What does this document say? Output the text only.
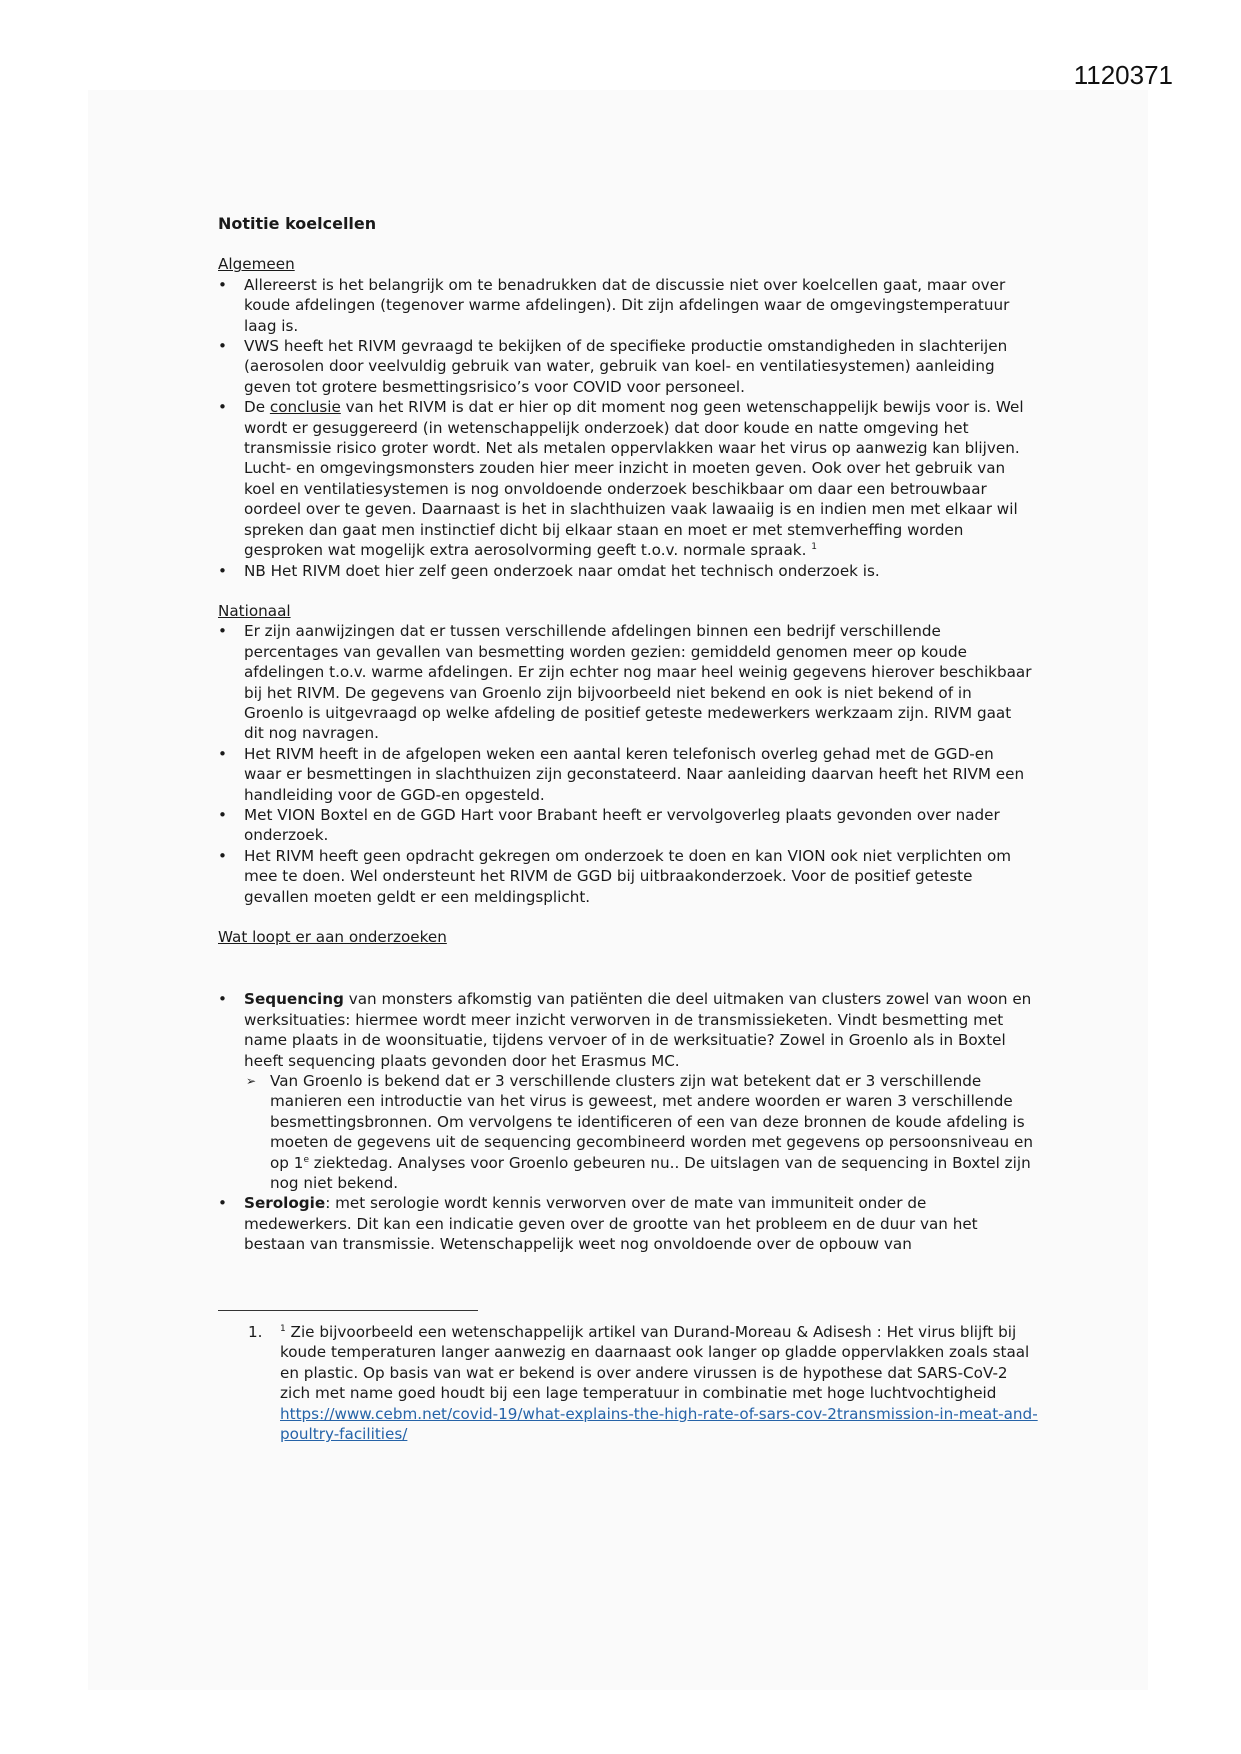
1120371
Notitie koelcellen
Algemeen
• Allereerst is het belangrijk om te benadrukken dat de discussie niet over koelcellen gaat, maar over koude afdelingen (tegenover warme afdelingen). Dit zijn afdelingen waar de omgevingstemperatuur laag is.
• VWS heeft het RIVM gevraagd te bekijken of de specifieke productie omstandigheden in slachterijen (aerosolen door veelvuldig gebruik van water, gebruik van koel- en ventilatiesystemen) aanleiding geven tot grotere besmettingsrisico’s voor COVID voor personeel.
• De conclusie van het RIVM is dat er hier op dit moment nog geen wetenschappelijk bewijs voor is. Wel wordt er gesuggereerd (in wetenschappelijk onderzoek) dat door koude en natte omgeving het transmissie risico groter wordt. Net als metalen oppervlakken waar het virus op aanwezig kan blijven. Lucht- en omgevingsmonsters zouden hier meer inzicht in moeten geven. Ook over het gebruik van koel en ventilatiesystemen is nog onvoldoende onderzoek beschikbaar om daar een betrouwbaar oordeel over te geven. Daarnaast is het in slachthuizen vaak lawaaiig is en indien men met elkaar wil spreken dan gaat men instinctief dicht bij elkaar staan en moet er met stemverheffing worden gesproken wat mogelijk extra aerosolvorming geeft t.o.v. normale spraak. $^1$
• NB Het RIVM doet hier zelf geen onderzoek naar omdat het technisch onderzoek is.
Nationaal
• Er zijn aanwijzingen dat er tussen verschillende afdelingen binnen een bedrijf verschillende percentages van gevallen van besmetting worden gezien: gemiddeld genomen meer op koude afdelingen t.o.v. warme afdelingen. Er zijn echter nog maar heel weinig gegevens hierover beschikbaar bij het RIVM. De gegevens van Groenlo zijn bijvoorbeeld niet bekend en ook is niet bekend of in Groenlo is uitgevraagd op welke afdeling de positief geteste medewerkers werkzaam zijn. RIVM gaat dit nog navragen.
• Het RIVM heeft in de afgelopen weken een aantal keren telefonisch overleg gehad met de GGD-en waar er besmettingen in slachthuizen zijn geconstateerd. Naar aanleiding daarvan heeft het RIVM een handleiding voor de GGD-en opgesteld.
• Met VION Boxtel en de GGD Hart voor Brabant heeft er vervolgoverleg plaats gevonden over nader onderzoek.
• Het RIVM heeft geen opdracht gekregen om onderzoek te doen en kan VION ook niet verplichten om mee te doen. Wel ondersteunt het RIVM de GGD bij uitbraakonderzoek. Voor de positief geteste gevallen moeten geldt er een meldingsplicht.
Wat loopt er aan onderzoeken
• Sequencing van monsters afkomstig van patiënten die deel uitmaken van clusters zowel van woon en werksituaties: hiermee wordt meer inzicht verworven in de transmissieketen. Vindt besmetting met name plaats in de woonsituatie, tijdens vervoer of in de werksituatie? Zowel in Groenlo als in Boxtel heeft sequencing plaats gevonden door het Erasmus MC.
➢ Van Groenlo is bekend dat er 3 verschillende clusters zijn wat betekent dat er 3 verschillende manieren een introductie van het virus is geweest, met andere woorden er waren 3 verschillende besmettingsbronnen. Om vervolgens te identificeren of een van deze bronnen de koude afdeling is moeten de gegevens uit de sequencing gecombineerd worden met gegevens op persoonsniveau en op 1e ziektedag. Analyses voor Groenlo gebeuren nu.. De uitslagen van de sequencing in Boxtel zijn nog niet bekend.
• Serologie: met serologie wordt kennis verworven over de mate van immuniteit onder de medewerkers. Dit kan een indicatie geven over de grootte van het probleem en de duur van het bestaan van transmissie. Wetenschappelijk weet nog onvoldoende over de opbouw van
1. $^1$ Zie bijvoorbeeld een wetenschappelijk artikel van Durand-Moreau & Adisesh : Het virus blijft bij koude temperaturen langer aanwezig en daarnaast ook langer op gladde oppervlakken zoals staal en plastic. Op basis van wat er bekend is over andere virussen is de hypothese dat SARS-CoV-2 zich met name goed houdt bij een lage temperatuur in combinatie met hoge luchtvochtigheid https://www.cebm.net/covid-19/what-explains-the-high-rate-of-sars-cov-2transmission-in-meat-and-poultry-facilities/
